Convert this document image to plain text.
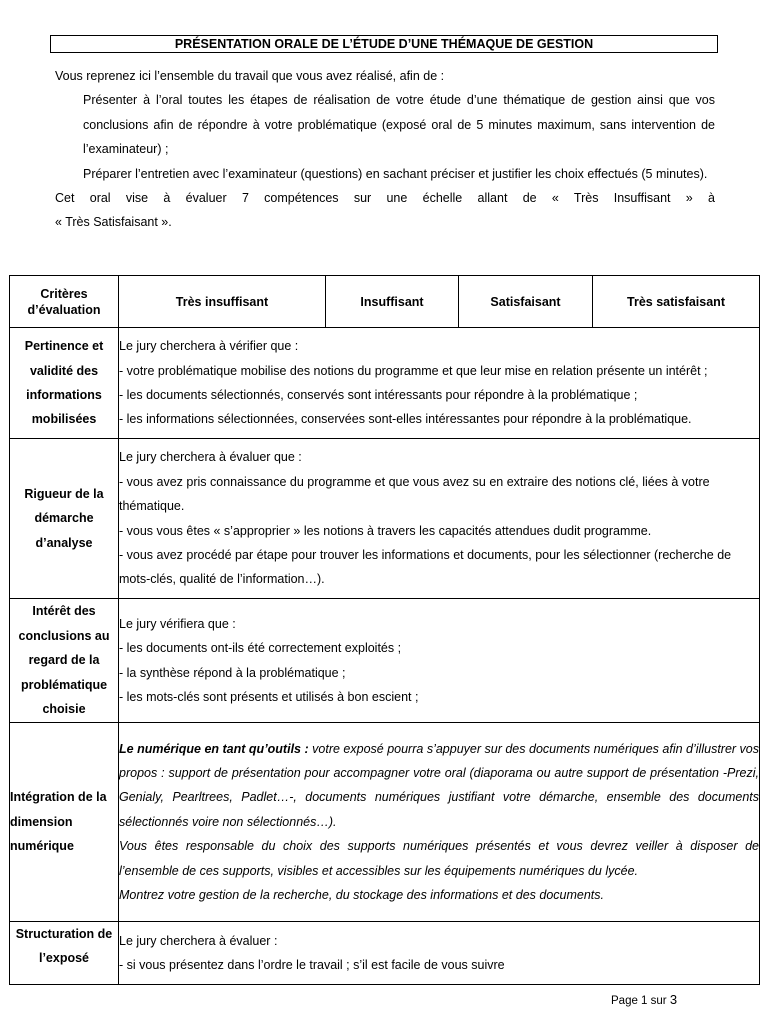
PRÉSENTATION ORALE DE L’ÉTUDE D’UNE THÉMAQUE DE GESTION

Vous reprenez ici l’ensemble du travail que vous avez réalisé, afin de :

Présenter à l’oral toutes les étapes de réalisation de votre étude d’une thématique de gestion ainsi que vos conclusions afin de répondre à votre problématique (exposé oral de 5 minutes maximum, sans intervention de l’examinateur) ;

Préparer l’entretien avec l’examinateur (questions) en sachant préciser et justifier les choix effectués (5 minutes).

Cet oral vise à évaluer 7 compétences sur une échelle allant de « Très Insuffisant » à

« Très Satisfaisant ».

Critères d’évaluation	Très insuffisant	Insuffisant	Satisfaisant	Très satisfaisant
Pertinence et validité des informations mobilisées	Le jury cherchera à vérifier que :

- votre problématique mobilise des notions du programme et que leur mise en relation présente un intérêt ;

- les documents sélectionnés, conservés sont intéressants pour répondre à la problématique ;

- les informations sélectionnées, conservées sont-elles intéressantes pour répondre à la problématique.			

Rigueur de la démarche d’analyse	Le jury cherchera à évaluer que :

- vous avez pris connaissance du programme et que vous avez su en extraire des notions clé, liées à votre thématique.

- vous vous êtes « s’approprier » les notions à travers les capacités attendues dudit programme.

- vous avez procédé par étape pour trouver les informations et documents, pour les sélectionner (recherche de mots-clés, qualité de l’information…).			

Intérêt des conclusions au regard de la problématique choisie	Le jury vérifiera que :

- les documents ont-ils été correctement exploités ;

- la synthèse répond à la problématique ;

- les mots-clés sont présents et utilisés à bon escient ;			

Intégration de la dimension numérique	Le numérique en tant qu’outils : votre exposé pourra s’appuyer sur des documents numériques afin d’illustrer vos propos : support de présentation pour accompagner votre oral (diaporama ou autre support de présentation -Prezi, Genialy, Pearltrees, Padlet…-, documents numériques justifiant votre démarche, ensemble des documents sélectionnés voire non sélectionnés…).

Vous êtes responsable du choix des supports numériques présentés et vous devrez veiller à disposer de l’ensemble de ces supports, visibles et accessibles sur les équipements numériques du lycée.

Montrez votre gestion de la recherche, du stockage des informations et des documents.			

Structuration de l’exposé	Le jury cherchera à évaluer :

- si vous présentez dans l’ordre le travail ; s’il est facile de vous suivre			

Page 1 sur 3
